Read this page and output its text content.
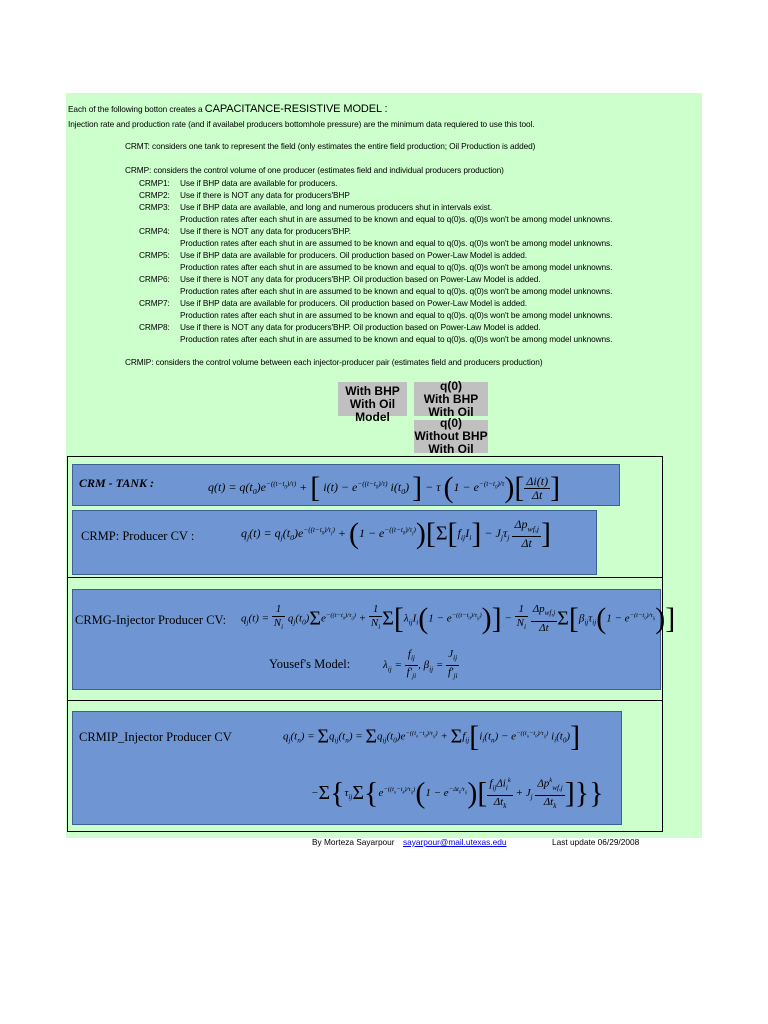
Each of the following botton creates a CAPACITANCE-RESISTIVE MODEL :
Injection rate and production rate (and if availabel producers bottomhole pressure) are the minimum data requiered to use this tool.
CRMT: considers one tank to represent the field (only estimates the entire field production; Oil Production is added)
CRMP: considers the control volume of one producer (estimates field and individual producers production)
CRMP1: Use if BHP data are available for producers.
CRMP2: Use if there is NOT any data for producers'BHP
CRMP3: Use if BHP data are available, and long and numerous producers shut in intervals exist.
Production rates after each shut in are assumed to be known and equal to q(0)s. q(0)s won't be among model unknowns.
CRMP4: Use if there is NOT any data for producers'BHP.
Production rates after each shut in are assumed to be known and equal to q(0)s. q(0)s won't be among model unknowns.
CRMP5: Use if BHP data are available for producers. Oil production based on Power-Law Model is added.
Production rates after each shut in are assumed to be known and equal to q(0)s. q(0)s won't be among model unknowns.
CRMP6: Use if there is NOT any data for producers'BHP. Oil production based on Power-Law Model is added.
Production rates after each shut in are assumed to be known and equal to q(0)s. q(0)s won't be among model unknowns.
CRMP7: Use if BHP data are available for producers. Oil production based on Power-Law Model is added.
Production rates after each shut in are assumed to be known and equal to q(0)s. q(0)s won't be among model unknowns.
CRMP8: Use if there is NOT any data for producers'BHP. Oil production based on Power-Law Model is added.
Production rates after each shut in are assumed to be known and equal to q(0)s. q(0)s won't be among model unknowns.
CRMIP: considers the control volume between each injector-producer pair (estimates field and producers production)
With BHP
With Oil
Model
q(0)
With BHP
With Oil
q(0)
Without BHP
With Oil
CRM - TANK :	$q(t) = q(t_0)e^{-((t-t_0)/\tau)}$ + [ $i(t) - e^{-((t-t_0)/\tau)}$ $i(t_0)$ ] − τ $(1 - e^{-(t-t_0)/\tau})[ \frac{\Delta i(t)}{\Delta t}$ ]
CRMP: Producer CV :	$q_j(t) = q_j(t_0)e^{-((t-t_0)/\tau_j)} + (1 - e^{-((t-t_0)/\tau_j)})[\Sigma[f_{ij}I_i] - J_j\tau_j \frac{\Delta p_{wf,j}}{\Delta t}$ ]
CRMG-Injector Producer CV: $q_j(t) = \frac{1}{N_i} q_j(t_0)\Sigma e^{-((t-t_0)/\tau_{ij})} + \frac{1}{N_i} \Sigma[\lambda_{ij}I_i(1 - e^{-((t-t_0)/\tau_{ij})})] - \frac{1}{N_i}$
$\frac{\Delta p_{wf,j}}{\Delta t} \Sigma[\beta_{ij}\tau_{ij}(1 - e^{-(t-t_0)/\tau_{ij}})]$
Yousef's Model:	$\lambda_{ij} = \frac{f_{ij}}{f'_{ji}}$ , $\beta_{ij} = \frac{J_{ij}}{f'_{ji}}$
CRMIP_Injector Producer CV	$q_j(t_n) = \Sigma q_{ij}(t_n) = \Sigma q_{ij}(t_0)e^{-((t_n-t_0)/\tau_{ij})} + \Sigma f_{ij}[i_i(t_n) - e^{-((t_n-t_0)/\tau_{ij})}$ $i_i(t_0)$]
$-\Sigma\{\tau_{ij}\Sigma\{e^{-((t_n-t_k)/\tau_{ij})}(1 - e^{-\Delta t_k/\tau_{ij}})[ \frac{f_{ij}\Delta i_i^k}{\Delta t_k} + J_j \frac{\Delta p^k_{wf,j}}{\Delta t_k}$ ]}}
By Morteza Sayarpour sayarpour@mail.utexas.edu	Last update 06/29/2008
